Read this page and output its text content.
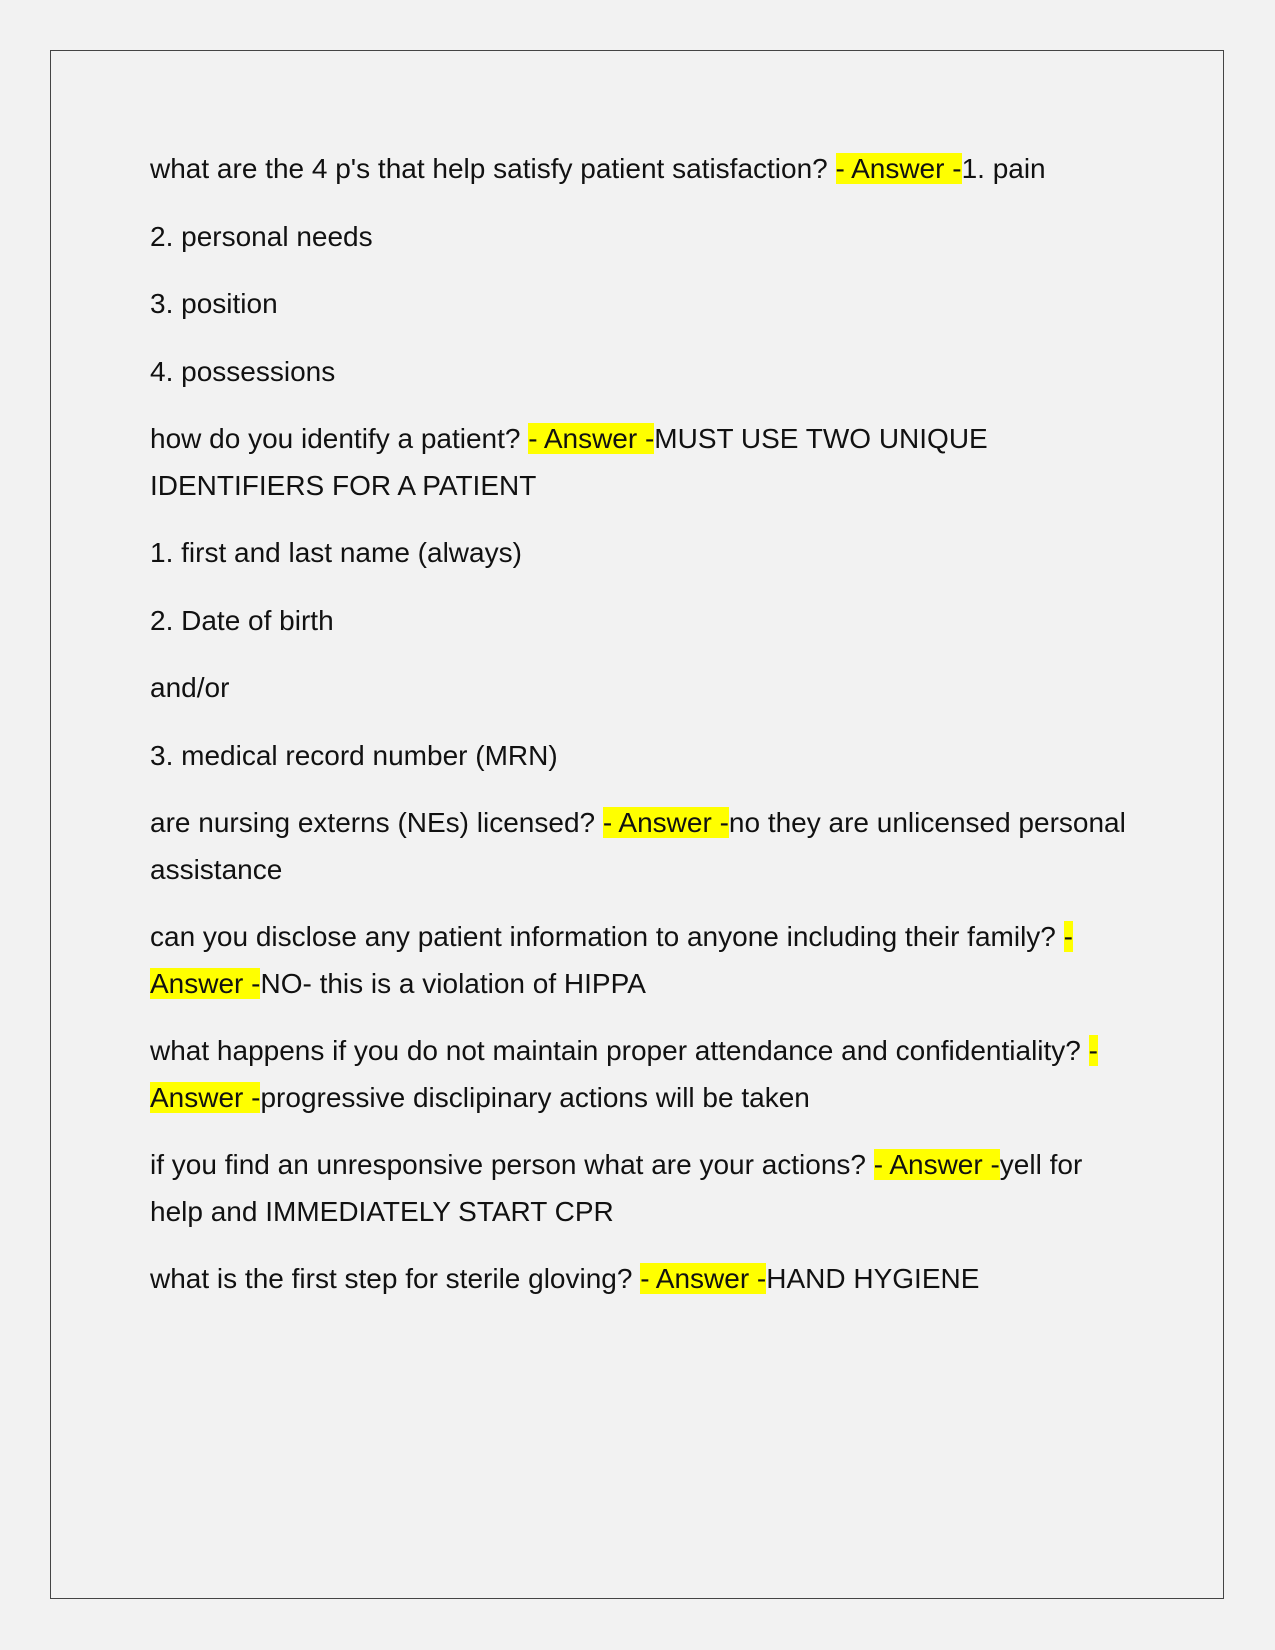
what are the 4 p's that help satisfy patient satisfaction? - Answer -1. pain

2. personal needs

3. position

4. possessions

how do you identify a patient? - Answer -MUST USE TWO UNIQUE IDENTIFIERS FOR A PATIENT

1. first and last name (always)

2. Date of birth

and/or

3. medical record number (MRN)

are nursing externs (NEs) licensed? - Answer -no they are unlicensed personal assistance

can you disclose any patient information to anyone including their family? - Answer -NO- this is a violation of HIPPA

what happens if you do not maintain proper attendance and confidentiality? - Answer -progressive disclipinary actions will be taken

if you find an unresponsive person what are your actions? - Answer -yell for help and IMMEDIATELY START CPR

what is the first step for sterile gloving? - Answer -HAND HYGIENE
